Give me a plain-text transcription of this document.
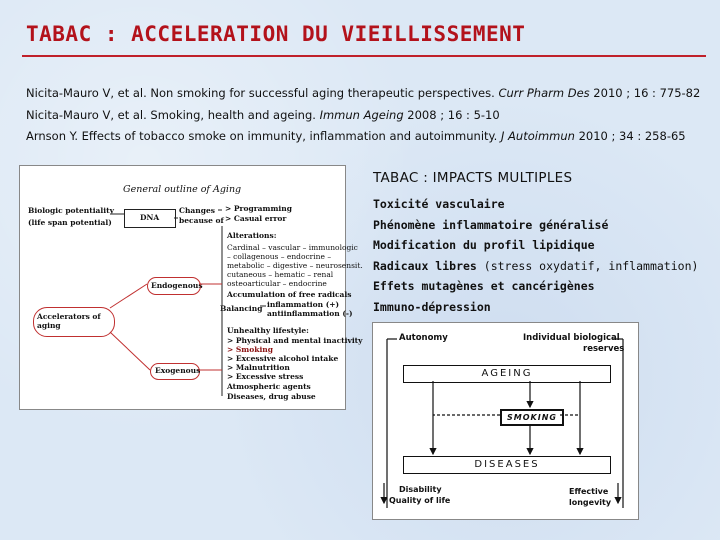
TABAC : ACCELERATION DU VIEILLISSEMENT
Nicita-Mauro V, et al. Non smoking for successful aging therapeutic perspectives. Curr Pharm Des 2010 ; 16 : 775-82
Nicita-Mauro V, et al. Smoking, health and ageing. Immun Ageing 2008 ; 16 : 5-10
Arnson Y. Effects of tobacco smoke on immunity, inflammation and autoimmunity. J Autoimmun 2010 ; 34 : 258-65
General outline of Aging
Biologic potentiality
(life span potential)
DNA
Changes
because of
> Programming
> Casual error
Alterations:
Cardinal – vascular – immunologic
– collagenous – endocrine –
metabolic – digestive – neurosensit.
cutaneous – hematic – renal
osteoarticular – endocrine
Endogenous
Accumulation of free radicals
Balancing inflammation (+)
antiinflammation (-)
Accelerators of aging
Unhealthy lifestyle:
> Physical and mental inactivity
> Smoking
> Excessive alcohol intake
> Malnutrition
> Excessive stress
Exogenous
Atmospheric agents
Diseases, drug abuse
TABAC : IMPACTS MULTIPLES
Toxicité vasculaire
Phénomène inflammatoire généralisé
Modification du profil lipidique
Radicaux libres (stress oxydatif, inflammation)
Effets mutagènes et cancérigènes
Immuno-dépression
Autonomy	Individual biological
reserves
AGEING
SMOKING
DISEASES
Disability
Quality of life
Effective
longevity
